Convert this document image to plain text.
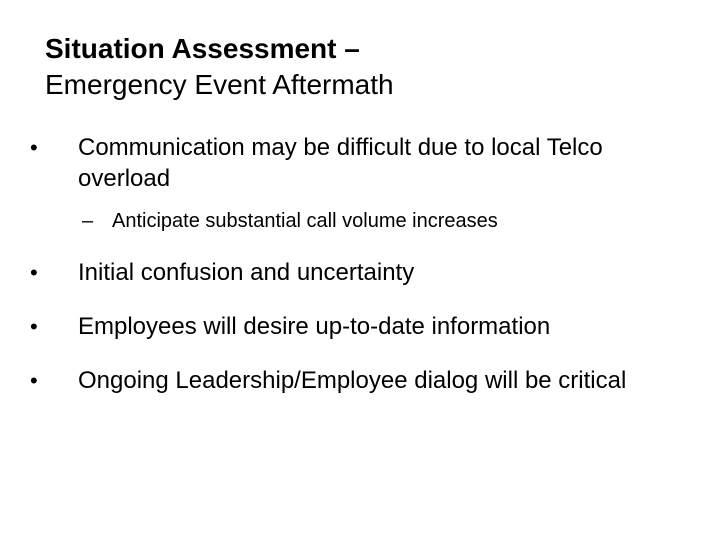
Situation Assessment –
Emergency Event Aftermath
•	Communication may be difficult due to local Telco overload
– Anticipate substantial call volume increases
•	Initial confusion and uncertainty
•	Employees will desire up-to-date information
•	Ongoing Leadership/Employee dialog will be critical
